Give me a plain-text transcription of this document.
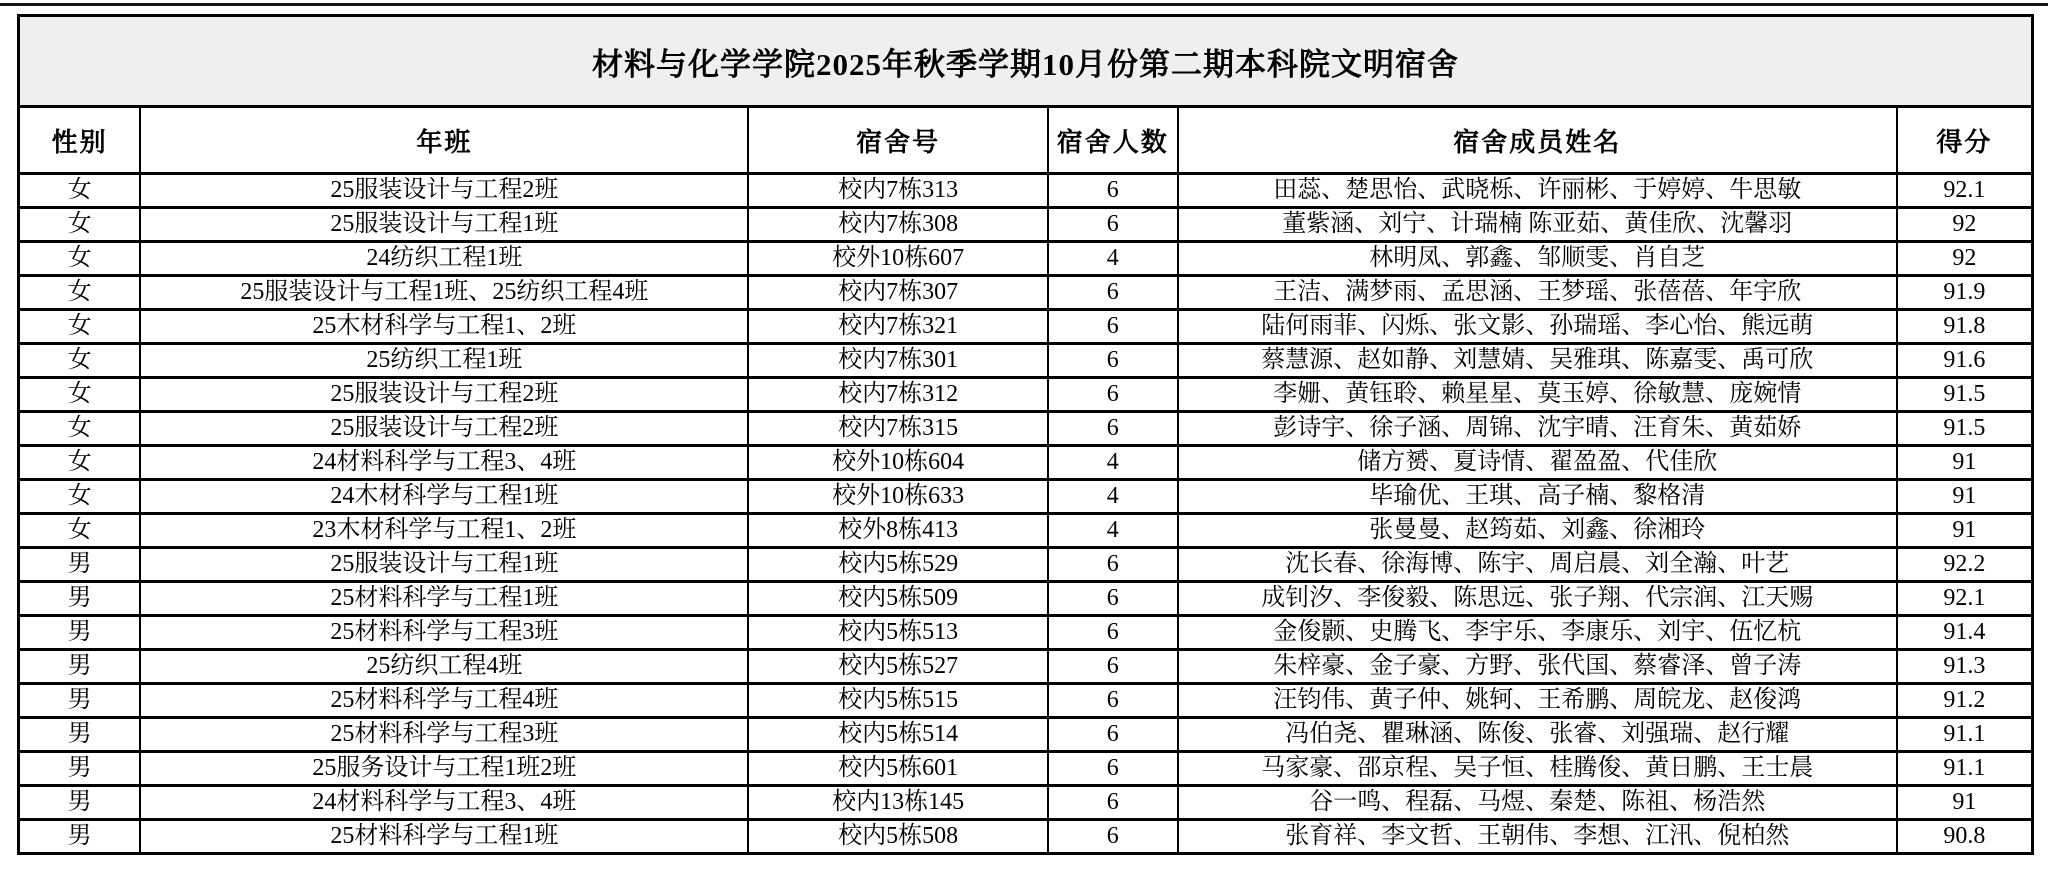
材料与化学学院2025年秋季学期10月份第二期本科院文明宿舍					
性别	年班	宿舍号	宿舍人数	宿舍成员姓名	得分
女	25服装设计与工程2班	校内7栋313	6	田蕊、楚思怡、武晓栎、许丽彬、于婷婷、牛思敏	92.1
女	25服装设计与工程1班	校内7栋308	6	董紫涵、刘宁、计瑞楠 陈亚茹、黄佳欣、沈馨羽	92
女	24纺织工程1班	校外10栋607	4	林明凤、郭鑫、邹顺雯、肖自芝	92
女	25服装设计与工程1班、25纺织工程4班	校内7栋307	6	王洁、满梦雨、孟思涵、王梦瑶、张蓓蓓、年宇欣	91.9
女	25木材科学与工程1、2班	校内7栋321	6	陆何雨菲、闪烁、张文影、孙瑞瑶、李心怡、熊远萌	91.8
女	25纺织工程1班	校内7栋301	6	蔡慧源、赵如静、刘慧婧、吴雅琪、陈嘉雯、禹可欣	91.6
女	25服装设计与工程2班	校内7栋312	6	李姗、黄钰聆、赖星星、莫玉婷、徐敏慧、庞婉情	91.5
女	25服装设计与工程2班	校内7栋315	6	彭诗宇、徐子涵、周锦、沈宇晴、汪育朱、黄茹娇	91.5
女	24材料科学与工程3、4班	校外10栋604	4	储方赟、夏诗情、翟盈盈、代佳欣	91
女	24木材科学与工程1班	校外10栋633	4	毕瑜优、王琪、高子楠、黎格清	91
女	23木材科学与工程1、2班	校外8栋413	4	张曼曼、赵筠茹、刘鑫、徐湘玲	91
男	25服装设计与工程1班	校内5栋529	6	沈长春、徐海博、陈宇、周启晨、刘全瀚、叶艺	92.2
男	25材料科学与工程1班	校内5栋509	6	成钊汐、李俊毅、陈思远、张子翔、代宗润、江天赐	92.1
男	25材料科学与工程3班	校内5栋513	6	金俊颢、史腾飞、李宇乐、李康乐、刘宇、伍忆杭	91.4
男	25纺织工程4班	校内5栋527	6	朱梓豪、金子豪、方野、张代国、蔡睿泽、曾子涛	91.3
男	25材料科学与工程4班	校内5栋515	6	汪钧伟、黄子仲、姚轲、王希鹏、周皖龙、赵俊鸿	91.2
男	25材料科学与工程3班	校内5栋514	6	冯伯尧、瞿琳涵、陈俊、张睿、刘强瑞、赵行耀	91.1
男	25服务设计与工程1班2班	校内5栋601	6	马家豪、邵京程、吴子恒、桂腾俊、黄日鹏、王士晨	91.1
男	24材料科学与工程3、4班	校内13栋145	6	谷一鸣、程磊、马煜、秦楚、陈祖、杨浩然	91
男	25材料科学与工程1班	校内5栋508	6	张育祥、李文哲、王朝伟、李想、江汛、倪柏然	90.8
